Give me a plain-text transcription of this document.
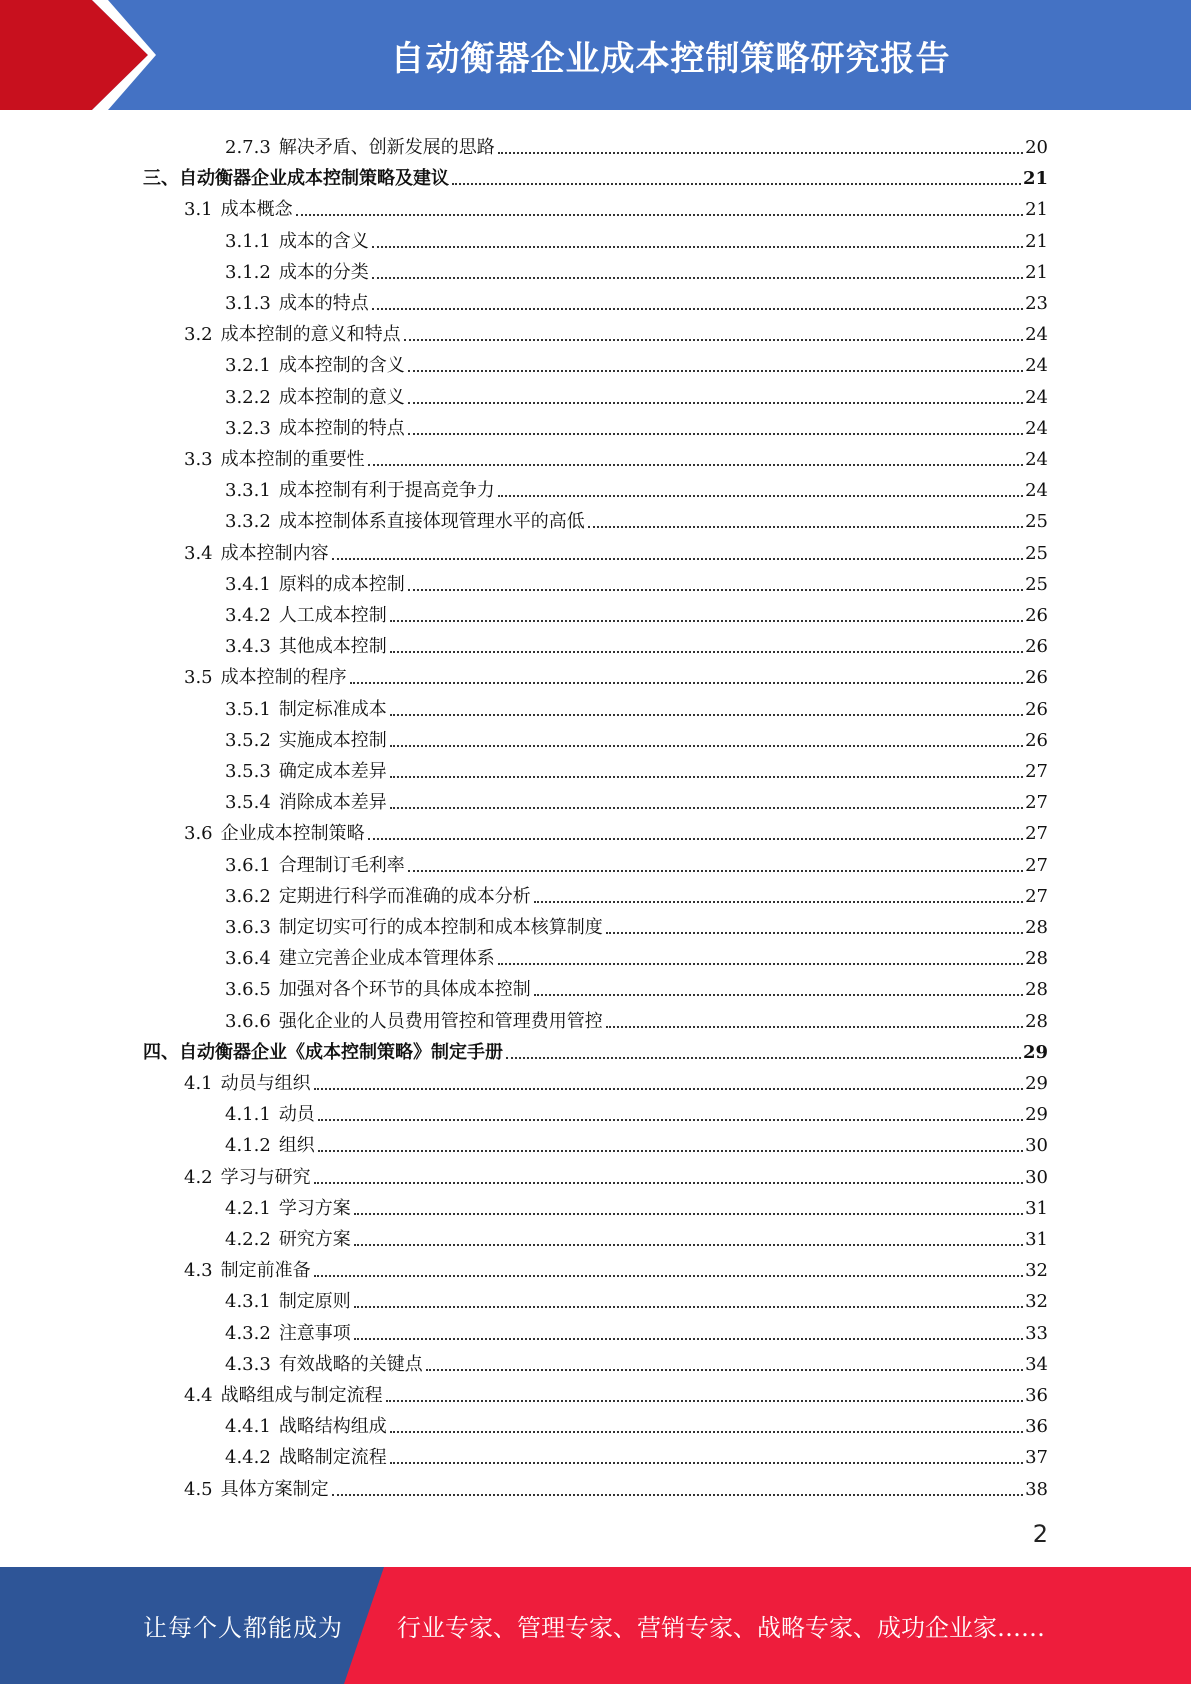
自动衡器企业成本控制策略研究报告
2.7.3 解决矛盾、创新发展的思路	20
三、自动衡器企业成本控制策略及建议	21
3.1 成本概念	21
3.1.1 成本的含义	21
3.1.2 成本的分类	21
3.1.3 成本的特点	23
3.2 成本控制的意义和特点	24
3.2.1 成本控制的含义	24
3.2.2 成本控制的意义	24
3.2.3 成本控制的特点	24
3.3 成本控制的重要性	24
3.3.1 成本控制有利于提高竞争力	24
3.3.2 成本控制体系直接体现管理水平的高低	25
3.4 成本控制内容	25
3.4.1 原料的成本控制	25
3.4.2 人工成本控制	26
3.4.3 其他成本控制	26
3.5 成本控制的程序	26
3.5.1 制定标准成本	26
3.5.2 实施成本控制	26
3.5.3 确定成本差异	27
3.5.4 消除成本差异	27
3.6 企业成本控制策略	27
3.6.1 合理制订毛利率	27
3.6.2 定期进行科学而准确的成本分析	27
3.6.3 制定切实可行的成本控制和成本核算制度	28
3.6.4 建立完善企业成本管理体系	28
3.6.5 加强对各个环节的具体成本控制	28
3.6.6 强化企业的人员费用管控和管理费用管控	28
四、自动衡器企业《成本控制策略》制定手册	29
4.1 动员与组织	29
4.1.1 动员	29
4.1.2 组织	30
4.2 学习与研究	30
4.2.1 学习方案	31
4.2.2 研究方案	31
4.3 制定前准备	32
4.3.1 制定原则	32
4.3.2 注意事项	33
4.3.3 有效战略的关键点	34
4.4 战略组成与制定流程	36
4.4.1 战略结构组成	36
4.4.2 战略制定流程	37
4.5 具体方案制定	38
2
让每个人都能成为 行业专家、管理专家、营销专家、战略专家、成功企业家……
